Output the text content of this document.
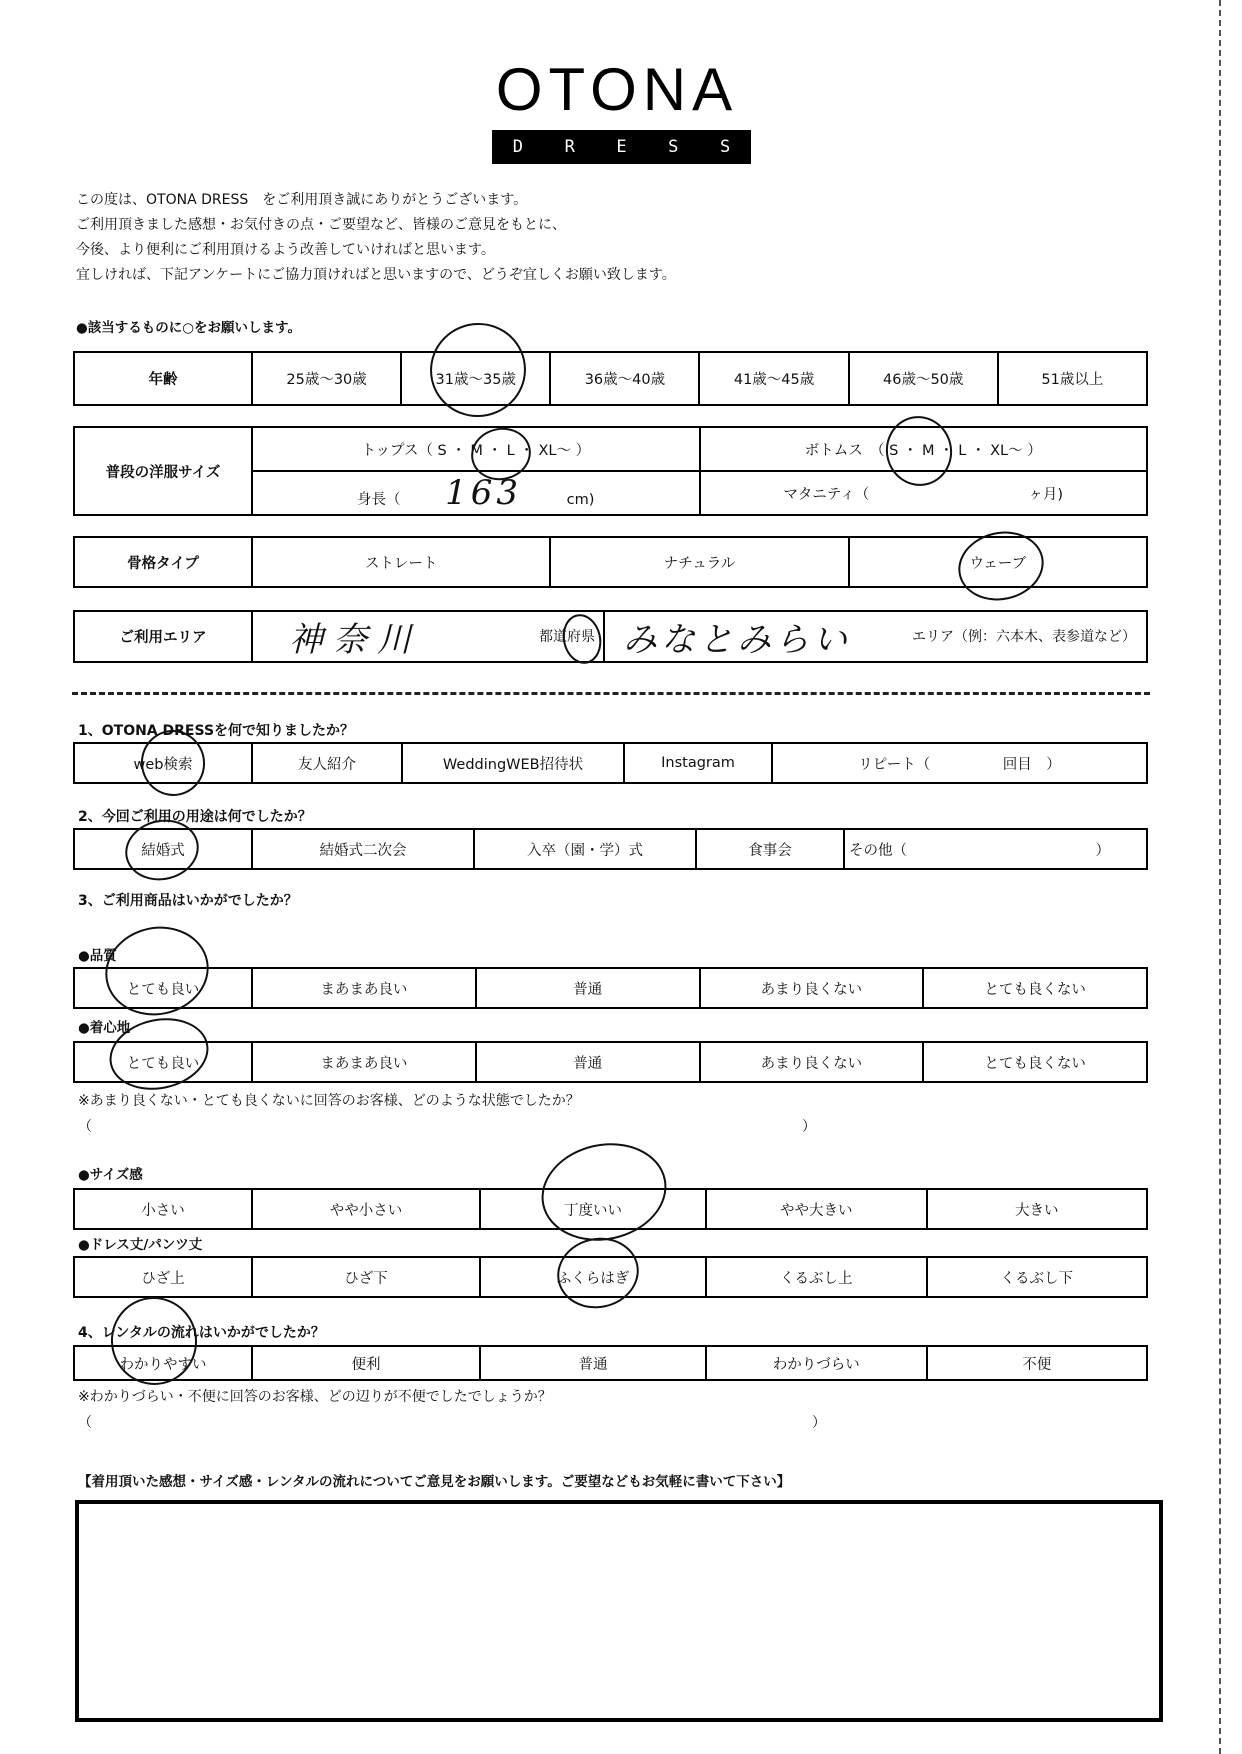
OTONA
D R E S S
この度は、OTONA DRESS　をご利用頂き誠にありがとうございます。
ご利用頂きました感想・お気付きの点・ご要望など、皆様のご意見をもとに、
今後、より便利にご利用頂けるよう改善していければと思います。
宜しければ、下記アンケートにご協力頂ければと思いますので、どうぞ宜しくお願い致します。
●該当するものに○をお願いします。
年齢	25歳～30歳	31歳～35歳	36歳～40歳	41歳～45歳	46歳～50歳	51歳以上
普段の洋服サイズ	トップス（ S ・ M ・ L ・ XL～ ）	ボトムス　（ S ・ M ・ L ・ XL～ ）

	身長（ 163 cm)	マタニティ（ ヶ月)
骨格タイプ	ストレート	ナチュラル	ウェーブ
ご利用エリア	神奈川	都道府県	みなとみらい	エリア（例：六本木、表参道など）
1、OTONA DRESSを何で知りましたか？
web検索	友人紹介	WeddingWEB招待状	Instagram	リピート（　　　　　回目　）
2、今回ご利用の用途は何でしたか？
結婚式	結婚式二次会	入卒（園・学）式	食事会	その他（　　　　　　　　　　　　　）
3、ご利用商品はいかがでしたか？
●品質
とても良い	まあまあ良い	普通	あまり良くない	とても良くない
●着心地
とても良い	まあまあ良い	普通	あまり良くない	とても良くない
※あまり良くない・とても良くないに回答のお客様、どのような状態でしたか？
（	）
●サイズ感
小さい	やや小さい	丁度いい	やや大きい	大きい
●ドレス丈/パンツ丈
ひざ上	ひざ下	ふくらはぎ	くるぶし上	くるぶし下
4、レンタルの流れはいかがでしたか？
わかりやすい	便利	普通	わかりづらい	不便
※わかりづらい・不便に回答のお客様、どの辺りが不便でしたでしょうか？
（	）
【着用頂いた感想・サイズ感・レンタルの流れについてご意見をお願いします。ご要望などもお気軽に書いて下さい】
